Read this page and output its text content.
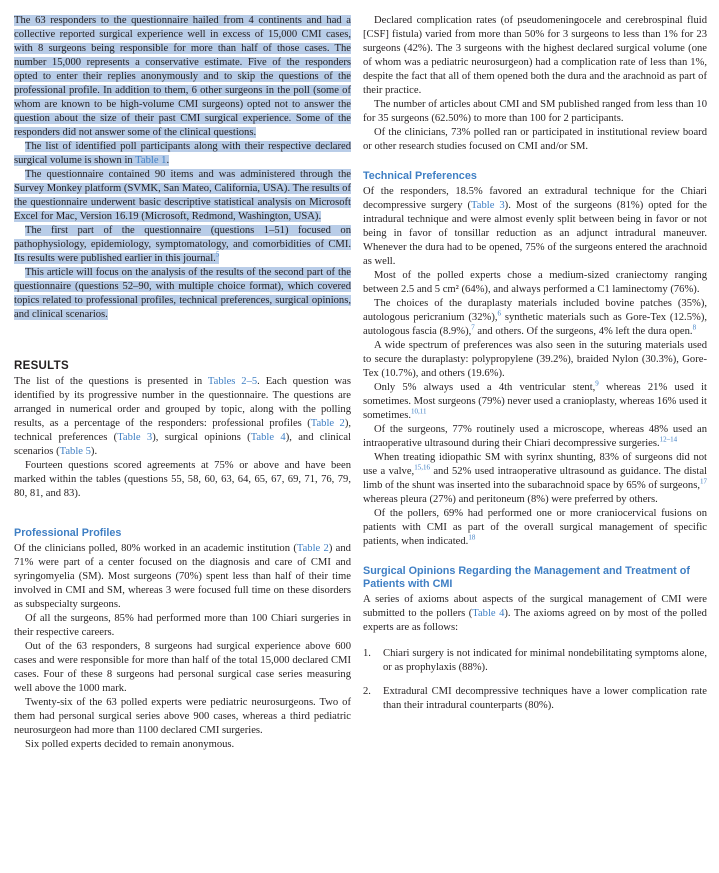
The 63 responders to the questionnaire hailed from 4 continents and had a collective reported surgical experience well in excess of 15,000 CMI cases, with 8 surgeons being responsible for more than half of those cases. The number 15,000 represents a conservative estimate. Five of the responders opted to enter their replies anonymously and to skip the questions of the professional profile. In addition to them, 6 other surgeons in the poll (some of whom are known to be high-volume CMI surgeons) opted not to answer the question about the size of their past CMI surgical experience. Some of the responders did not answer some of the clinical questions.

The list of identified poll participants along with their respective declared surgical volume is shown in Table 1.

The questionnaire contained 90 items and was administered through the Survey Monkey platform (SVMK, San Mateo, California, USA). The results of the questionnaire underwent basic descriptive statistical analysis on Microsoft Excel for Mac, Version 16.19 (Microsoft, Redmond, Washington, USA).

The first part of the questionnaire (questions 1–51) focused on pathophysiology, epidemiology, symptomatology, and comorbidities of CMI. Its results were published earlier in this journal.$^5$

This article will focus on the analysis of the results of the second part of the questionnaire (questions 52–90, with multiple choice format), which covered topics related to professional profiles, technical preferences, surgical opinions, and clinical scenarios.

RESULTS

The list of the questions is presented in Tables 2–5. Each question was identified by its progressive number in the questionnaire. The questions are arranged in numerical order and grouped by topic, along with the polling results, as a percentage of the responders: professional profiles (Table 2), technical preferences (Table 3), surgical opinions (Table 4), and clinical scenarios (Table 5).

Fourteen questions scored agreements at 75% or above and have been marked within the tables (questions 55, 58, 60, 63, 64, 65, 67, 69, 71, 76, 79, 80, 81, and 83).

Professional Profiles

Of the clinicians polled, 80% worked in an academic institution (Table 2) and 71% were part of a center focused on the diagnosis and care of CMI and syringomyelia (SM). Most surgeons (70%) spent less than half of their time involved in CMI and SM, whereas 3 were focused full time on these disorders as subspecialty surgeons.

Of all the surgeons, 85% had performed more than 100 Chiari surgeries in their respective careers.

Out of the 63 responders, 8 surgeons had surgical experience above 600 cases and were responsible for more than half of the total 15,000 declared CMI cases. Four of these 8 surgeons had personal surgical case series measuring well above the 1000 mark.

Twenty-six of the 63 polled experts were pediatric neurosurgeons. Two of them had personal surgical series above 900 cases, whereas a third pediatric neurosurgeon had more than 1100 declared CMI surgeries.

Six polled experts decided to remain anonymous.

Declared complication rates (of pseudomeningocele and cerebrospinal fluid [CSF] fistula) varied from more than 50% for 3 surgeons to less than 1% for 23 surgeons (42%). The 3 surgeons with the highest declared surgical volume (one of whom was a pediatric neurosurgeon) had a complication rate of less than 1%, despite the fact that all of them opened both the dura and the arachnoid as part of their practice.

The number of articles about CMI and SM published ranged from less than 10 for 35 surgeons (62.50%) to more than 100 for 2 participants.

Of the clinicians, 73% polled ran or participated in institutional review board or other research studies focused on CMI and/or SM.

Technical Preferences

Of the responders, 18.5% favored an extradural technique for the Chiari decompressive surgery (Table 3). Most of the surgeons (81%) opted for the intradural technique and were almost evenly split between being in favor or not being in favor of tonsillar reduction as an adjunct intradural maneuver. Whenever the dura had to be opened, 75% of the surgeons entered the arachnoid as well.

Most of the polled experts chose a medium-sized craniectomy ranging between 2.5 and 5 cm² (64%), and always performed a C1 laminectomy (76%).

The choices of the duraplasty materials included bovine patches (35%), autologous pericranium (32%),$^6$ synthetic materials such as Gore-Tex (12.5%), autologous fascia (8.9%),$^7$ and others. Of the surgeons, 4% left the dura open.$^8$

A wide spectrum of preferences was also seen in the suturing materials used to secure the duraplasty: polypropylene (39.2%), braided Nylon (30.3%), Gore-Tex (10.7%), and others (19.6%).

Only 5% always used a 4th ventricular stent,$^9$ whereas 21% used it sometimes. Most surgeons (79%) never used a cranioplasty, whereas 16% used it sometimes.$^{10,11}$

Of the surgeons, 77% routinely used a microscope, whereas 48% used an intraoperative ultrasound during their Chiari decompressive surgeries.$^{12-14}$

When treating idiopathic SM with syrinx shunting, 83% of surgeons did not use a valve,$^{15,16}$ and 52% used intraoperative ultrasound as guidance. The distal limb of the shunt was inserted into the subarachnoid space by 65% of surgeons,$^{17}$ whereas pleura (27%) and peritoneum (8%) were preferred by others.

Of the pollers, 69% had performed one or more craniocervical fusions on patients with CMI as part of the overall surgical management of specific patients, when indicated.$^{18}$

Surgical Opinions Regarding the Management and Treatment of Patients with CMI

A series of axioms about aspects of the surgical management of CMI were submitted to the pollers (Table 4). The axioms agreed on by most of the polled experts are as follows:

1. Chiari surgery is not indicated for minimal nondebilitating symptoms alone, or as prophylaxis (88%).
2. Extradural CMI decompressive techniques have a lower complication rate than their intradural counterparts (80%).
